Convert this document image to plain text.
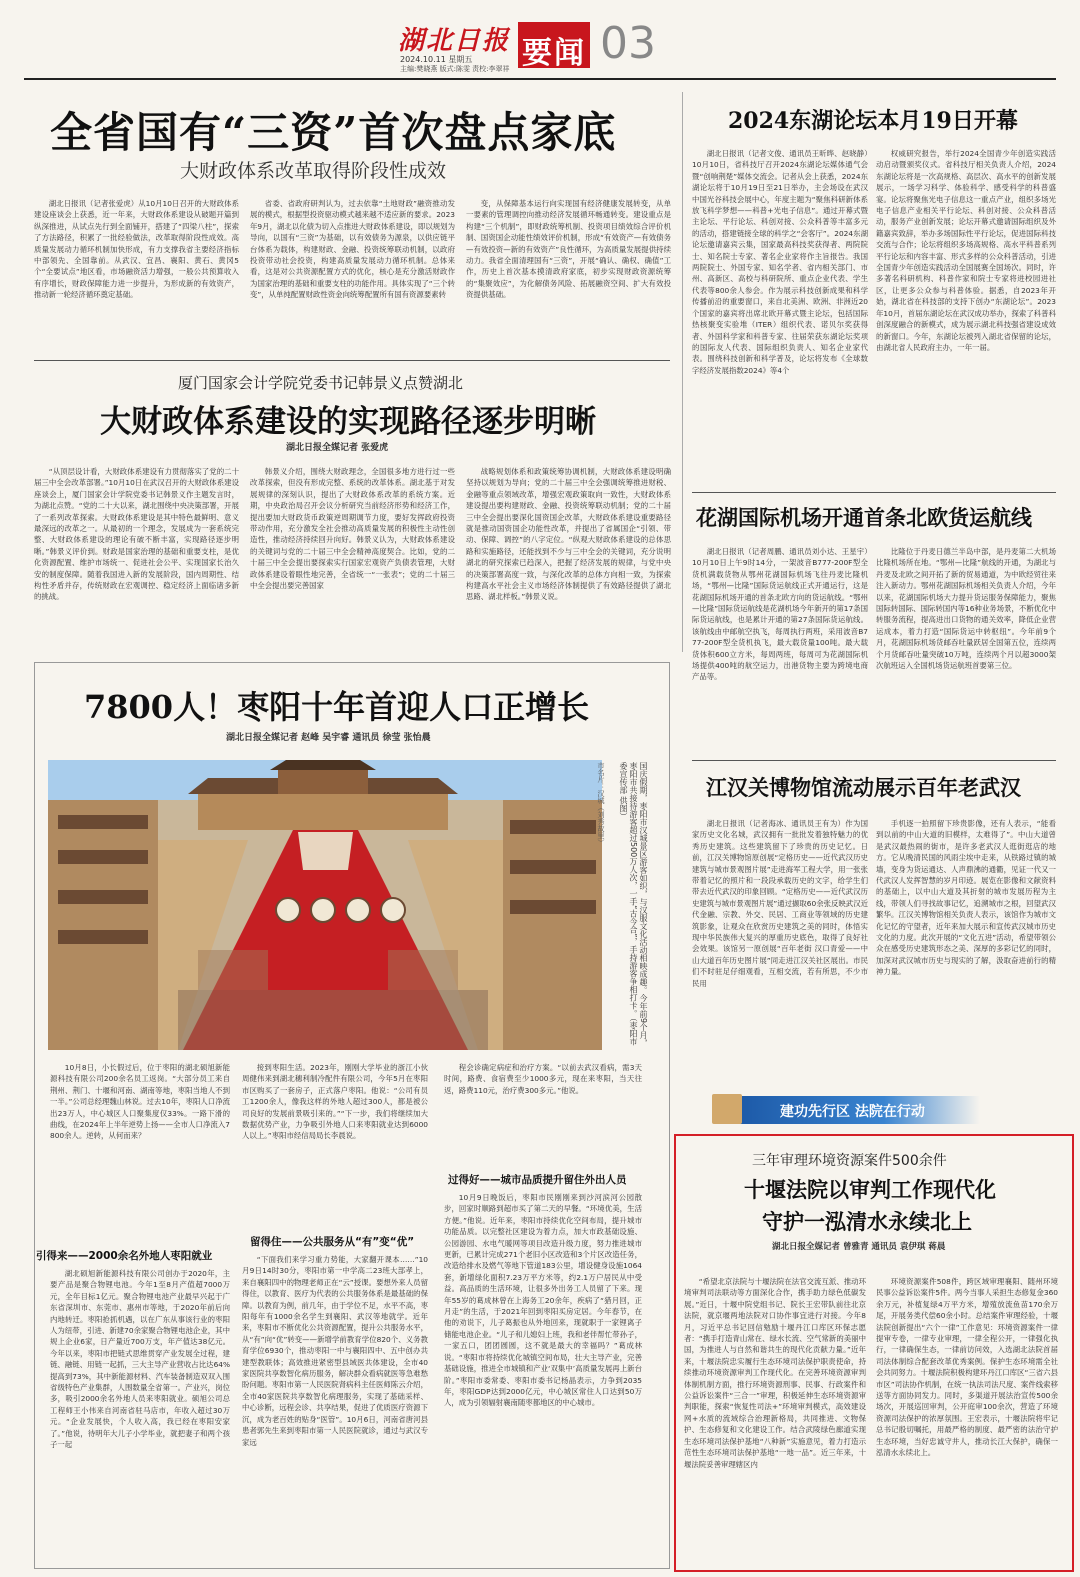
湖北日报
2024.10.11 星期五
主编:樊晓燕 版式:陈雯 责校:李翠祥 要闻 03
全省国有“三资”首次盘点家底
大财政体系改革取得阶段性成效
湖北日报讯（记者张爱虎）从10月10日召开的大财政体系建设座谈会上获悉，近一年来，大财政体系建设从破题开篇到纵深推进，从试点先行到全面铺开，搭建了“四梁八柱”，探索了方法路径，积累了一批经验做法，改革取得阶段性成效。高质量发展动力循环机制加快形成，有力支撑我省主要经济指标中部领先、全国靠前。从武汉、宜昌、襄阳、黄石、黄冈5个“全要试点”地区看，市场融资活力增强，一般公共预算收入有序增长，财政保障能力进一步提升，为形成新的有效资产，推动新一轮经济循环奠定基础。
省委、省政府研判认为，过去依靠“土地财政”融资推动发展的模式，根据型投资驱动模式越来越不适应新的要求。2023年9月，湖北以化债为切入点推进大财政体系建设，即以规划为导向，以国有“三资”为基础，以有效债务为源泉，以供应链平台体系为载体，构建财政、金融、投资统筹联动机制，以政府投资带动社会投资，构建高质量发展动力循环机制。总体来看，这是对公共资源配置方式的优化，核心是充分激活财政作为国家治理的基础和重要支柱的功能作用。具体实现了“三个转变”，从单纯配置财政性资金向统筹配置所有国有资源要素转
变，从保障基本运行向实现国有经济健康发展转变，从单一要素的管理调控向推动经济发展循环畅通转变。建设重点是构建“三个机制”，即财政统筹机制、投资项目绩效综合评价机制、国资国企动能性绩效评价机制，形成“有效资产—有效债务—有效投资—新的有效资产”良性循环，为高质量发展提供持续动力。我省全面清理国有“三资”，开展“确认、确权、确值”工作，历史上首次基本摸清政府家底，初步实现财政资源统筹的“集聚效应”，为化解债务风险、拓展融资空间、扩大有效投资提供基础。
厦门国家会计学院党委书记韩景义点赞湖北
大财政体系建设的实现路径逐步明晰
湖北日报全媒记者 张爱虎
“从顶层设计看，大财政体系建设有力贯彻落实了党的二十届三中全会改革部署。”10月10日在武汉召开的大财政体系建设座谈会上，厦门国家会计学院党委书记韩景义作主题发言时，为湖北点赞。“党的二十大以来，湖北围绕中央决策部署，开展了一系列改革探索。大财政体系建设是其中特色最鲜明、意义最深远的改革之一。从最初的一个理念，发展成为一套系统完整、大财政体系建设的理论有破不断丰富，实现路径逐步明晰。”韩景义评价到。财政是国家治理的基础和重要支柱，是优化资源配置、维护市场统一、促进社会公平、实现国家长治久安的制度保障。随着我国进入新的发展阶段，国内周期性、结构性矛盾并存，传统财政在宏观调控、稳定经济上面临诸多新的挑战。
韩景义介绍，围绕大财政理念，全国很多地方进行过一些改革探索，但没有形成完整、系统的改革体系。湖北基于对发展规律的深刻认识，提出了大财政体系改革的系统方案。近期，中央政治局召开会议分析研究当前经济形势和经济工作，提出要加大财政货币政策逆周期调节力度，要好发挥政府投资带动作用，充分激发全社会推动高质量发展的积极性主动性创造性，推动经济持续回升向好。韩景义认为，大财政体系建设的关键词与党的二十届三中全会精神高度契合。比如，党的二十届三中全会提出要探索实行国家宏观资产负债表管理，大财政体系建设着眼性地完善，全省统一“一张表”；党的二十届三中全会提出要完善国家
战略规划体系和政策统筹协调机制，大财政体系建设明确坚持以规划为导向；党的二十届三中全会强调统筹推进财税、金融等重点领域改革，增强宏观政策取向一致性，大财政体系建设提出要构建财政、金融、投资统筹联动机制；党的二十届三中全会提出要深化国资国企改革，大财政体系建设重要路径就是推动国资国企功能性改革，并提出了省属国企“引领、带动、保障、调控”的八字定位。“纵观大财政体系建设的总体思路和实施路径，还能找到不少与三中全会的关键词，充分说明湖北的研究探索已趋深入，把握了经济发展的规律，与党中央的决策部署高度一致，与深化改革的总体方向相一致，为探索构建高水平社会主义市场经济体制提供了有效路径提供了湖北思路、湖北样板。”韩景义说。
7800人！枣阳十年首迎人口正增长
湖北日报全媒记者 赵峰 吴宇睿 通讯员 徐莹 张怡晨
国庆假期，枣阳市汉城景区游客如织，与汉服文化活动相映成趣。今年前9个月，枣阳市共接待游客超过500万人次，一手“古今合”，手持游客争相打卡。（枣阳市委宣传部 供图）
市名片：汉城（刘秀故里）
10月8日，小长假过后，位于枣阳的湖北硕旭新能源科技有限公司200余名员工返岗。“大部分员工来自荆州、荆门、十堰和河南、湖南等地，枣阳当地人不到一半。”公司总经理魏山林说。过去10年，枣阳人口净流出23万人，中心城区人口聚集度仅33%。一路下滑的曲线，在2024年上半年逆势上扬——全市人口净流入7800余人。逆转，从何而来？
引得来——2000余名外地人枣阳就业
湖北硕旭新能源科技有限公司创办于2020年，主要产品是聚合物锂电池。今年1至8月产值超7000万元，全年目标1亿元。聚合物锂电池产业最早兴起于广东省深圳市、东莞市、惠州市等地，于2020年前后向内地转迁。枣阳抢抓机遇，以在广东从事该行业的枣阳人为纽带，引进、新建70余家聚合物锂电池企业，其中规上企业6家，日产量近700万支，年产值达38亿元。今年以来，枣阳市把链式思维贯穿产业发展全过程，建链、融链、用链一起抓，三大主导产业营收占比达64%提高到73%，其中新能源材料、汽车装备制造双双入围省级特色产业集群，人围数量全省第一。产业兴，岗位多，吸引2000余名外地人员来枣阳就业。硕旭公司总工程师王小伟来自河南省驻马店市，年收入超过30万元。“企业发展快，个人收入高，我已经在枣阳安家了。”他说，待明年大儿子小学毕业，就把妻子和两个孩子一起
接到枣阳生活。2023年，刚刚大学毕业的浙江小伙周健伟来到湖北穗利制冷配件有限公司，今年5月在枣阳市区购买了一套房子，正式落户枣阳。他说：“公司有员工1200余人，像我这样的外地人超过300人，都是被公司良好的发展前景吸引来的。”“下一步，我们将继续加大数据优势产业，力争吸引外地人口来枣阳就业达到6000人以上。”枣阳市经信局局长李晨说。
留得住——公共服务从“有”变“优”
“下面我们来学习重力势能，大家翻开课本……”10月9日14时30分，枣阳市第一中学高二23班大部孝上，来自襄阳四中的物理老师正在“云”授课。要想外来人员留得住，以教育、医疗为代表的公共服务体系是最基础的保障。以教育为例，前几年，由于学位不足，水平不高，枣阳每年有1000余名学生到襄阳、武汉等地就学。近年来，枣阳市不断优化公共资源配置，提升公共服务水平，从“有”向“优”转变——新增学前教育学位820个、义务教育学位6930个，推动枣阳一中与襄阳四中、五中创办共建型教联体；高效推进紧密型县域医共体建设，全市40家医院共享数智化病历服务，解决群众看病就医等急难愁盼问题。枣阳市第一人民医院肾病科主任医师陈云介绍，全市40家医院共享数智化病理服务，实现了基础采样、中心诊断，远程会诊、共享结果，促进了优质医疗资源下沉，成为老百姓的贴身“医管”。10月6日，河南省唐河县患者郭先生来到枣阳市第一人民医院就诊，通过与武汉专家远
程会诊确定病症和治疗方案。“以前去武汉看病，需3天时间，路费、食宿费至少1000多元，现在来枣阳，当天往返，路费110元，治疗费300多元。”他说。
过得好——城市品质提升留住外出人员
10月9日晚饭后，枣阳市民刚刚来到沙河滨河公园散步，回家时顺路到超市买了第二天的早餐。“环境优美，生活方便。”他说。近年来，枣阳市持续优化空间布局，提升城市功能品质。以完整社区建设为着力点，加大市政基础设施、公园游园、水电气暖网等项目改造升级力度，努力推进城市更新，已累计完成271个老旧小区改造和3个片区改造任务，改造给排水及燃气等地下管道183公里，增设健身设施1064套，新增绿化面积7.23万平方米等，约2.1万户居民从中受益。高品质的生活环境，让很多外出务工人员留了下来。现年55岁的葛成林曾在上海务工20余年，疾病了“猎月回，正月走”的生活，于2021年回到枣阳买房定居。今年春节，在他的劝说下，儿子葛振也从外地回来，现就职于一家锂离子储能电池企业。“儿子和儿媳妇上班，我和老伴帮忙带孙子，一家五口，团团圆圆，这不就是最大的幸福吗？”葛成林说。“枣阳市将持续优化城镇空间布局，壮大主导产业，完善基础设施，推进全市城镇和产业‘双集中’高质量发展再上新台阶。”枣阳市委常委、枣阳市委书记杨晶表示，力争到2035年，枣阳GDP达到2000亿元，中心城区常住人口达到50万人，成为引领辐射襄南随枣都地区的中心城市。
2024东湖论坛本月19日开幕
湖北日报讯（记者文俊、通讯员王昕晔、赵晓静）10月10日，省科技厅召开2024东湖论坛媒体通气会暨“创响荆楚”媒体交流会。记者从会上获悉，2024东湖论坛将于10月19日至21日举办，主会场设在武汉中国光谷科技会展中心，年度主题为“聚焦科研新体系 放飞科学梦想——科普+光电子信息”。通过开幕式暨主论坛、平行论坛、科创对接、公众科普等丰富多元的活动，搭建链接全球的科学之“会客厅”。2024东湖论坛邀请嘉宾云集，国家最高科技奖获得者、两院院士、知名院士专家、著名企业家将作主旨报告。我国两院院士、外国专家、知名学者、省内相关部门、市州、高新区、高校与科研院所、重点企业代表、学生代表等800余人参会。作为展示科技创新成果和科学传播前沿的重要窗口，来自北美洲、欧洲、非洲近20个国家的嘉宾将出席北欧开幕式暨主论坛，包括国际热核聚变实验堆（ITER）组织代表、诺贝尔奖获得者、外国科学家和科普专家、往届荣获东湖论坛奖项的国际友人代表、国际组织负责人、知名企业家代表。围绕科技创新和科学普及，论坛将发布《全球数字经济发展指数2024》等4个
权威研究报告，举行2024全国青少年创造实践活动启动暨颁奖仪式。省科技厅相关负责人介绍，2024东湖论坛将是一次高规格、高层次、高水平的创新发展展示，一场学习科学、体验科学、感受科学的科普盛宴。论坛将聚焦光电子信息这一重点产业，组织多场光电子信息产业相关平行论坛、科创对接、公众科普活动，服务产业创新发展；论坛开幕式邀请国际组织及外籍嘉宾致辞，举办多场国际性平行论坛，促进国际科技交流与合作；论坛将组织多场高规格、高水平科普系列平行论坛和内容丰富、形式多样的公众科普活动，引进全国青少年创造实践活动全国展赛全国场次。同时，许多著名科研机构、科普作家和院士专家将进校园进社区，让更多公众参与科普体验。据悉，自2023年开始，湖北省在科技部的支持下创办“东湖论坛”。2023年10月，首届东湖论坛在武汉成功举办，探索了科普科创深度融合的新模式，成为展示湖北科技强省建设成效的新窗口。今年，东湖论坛被列入湖北省保留的论坛，由湖北省人民政府主办，一年一届。
花湖国际机场开通首条北欧货运航线
湖北日报讯（记者周鹏、通讯员刘小达、王星宇）10月10日上午9时14分，一架波音B777-200F型全货机满载货物从鄂州花湖国际机场飞往丹麦比隆机场，“鄂州—比隆”国际货运航线正式开通运行，这是花湖国际机场开通的首条北欧方向的货运航线。“鄂州—比隆”国际货运航线是花湖机场今年新开的第17条国际货运航线，也是累计开通的第27条国际货运航线。该航线由中邮航空执飞，每周执行两班，采用波音B777-200F型全货机执飞，最大载货量100吨。最大载货体积600立方米，每周两班，每周可为花湖国际机场提供400吨的航空运力，出港货物主要为跨境电商产品等。
比隆位于丹麦日德兰半岛中部，是丹麦第二大机场比隆机场所在地。“鄂州—比隆”航线的开通，为湖北与丹麦及北欧之间开拓了新的贸易通道，为中欧经贸往来注入新动力。鄂州花湖国际机场相关负责人介绍，今年以来，花湖国际机场大力提升货运服务保障能力，聚焦国际转国际、国际转国内等16种业务场景，不断优化中转服务流程，提高进出口货物的通关效率，降低企业营运成本，着力打造“国际货运中转枢纽”。今年前9个月，花湖国际机场货邮吞吐量跃居全国第五位，连续两个月货邮吞吐量突破10万吨，连续两个月以超3000架次航班运入全国机场货运航班首要第三位。
江汉关博物馆流动展示百年老武汉
湖北日报讯（记者海冰、通讯员王有为）作为国家历史文化名城，武汉拥有一批批发着独特魅力的优秀历史建筑。这些建筑留下了珍贵的历史记忆。日前，江汉关博物馆原创展“定格历史——近代武汉历史建筑与城市景观图片展”走进海军工程大学，用一张张带着记忆的照片和一段段承载历史的文字，给学生们带去近代武汉的印象回顾。“定格历史——近代武汉历史建筑与城市景观图片展”通过撷取60余张反映武汉近代金融、宗教、外交、民居、工商业等领域的历史建筑影象，让观众在欣赏历史建筑之美的同时，体悟实现中华民族伟大复兴的厚重历史底色，取得了良好社会效果。该馆另一原创展“百年老街 汉口青爱——中山大道百年历史图片展”同走进江汉关社区展出。市民们不时驻足仔细观看，互相交流，若有所思，不少市民用
手机逐一拍照留下珍贵影像，还有人表示，“能看到以前的中山大道的旧模样，太难得了”。中山大道曾是武汉最热闹的街市，是许多老武汉人逛街逛店的地方。它从晚清民国的风雨尘埃中走来，从铁路过镇的城墙，变身为货运通达、人声鼎沸的通衢，见证一代又一代武汉人发挥智慧的岁月印迹。展览在影像和文献资料的基础上，以中山大道及其折射的城市发展历程为主线，带领人们寻找故事记忆，追溯城市之根，回望武汉繁华。江汉关博物馆相关负责人表示，该馆作为城市文化记忆的守望者，近年来加大展示和宣传武汉城市历史文化的力度。此次开展的“文化五进”活动，希望带领公众在感受历史建筑形态之美、深厚的多彩记忆的同时，加深对武汉城市历史与现实的了解，汲取奋进前行的精神力量。
建功先行区 法院在行动
三年审理环境资源案件500余件
十堰法院以审判工作现代化
守护一泓清水永续北上
湖北日报全媒记者 曾雅青 通讯员 袁伊琪 蒋晨
“希望北京法院与十堰法院在法官交流互派、推动环境审判司法联动等方面深化合作，携手助力绿色低碳发展。”近日，十堰中院党组书记、院长王宏带队前往北京法院，就京堰两地法院对口协作事宜进行对接。今年8月，习近平总书记回信勉励十堰丹江口库区环保志愿者：“携手打造青山常在、绿水长流、空气常新的美丽中国，为推进人与自然和谐共生的现代化贡献力量。”近年来，十堰法院忠实履行生态环境司法保护职责使命，持续推动环境资源审判工作现代化。在完善环境资源审判体制机制方面，推行环境资源刑事、民事、行政案件和公益诉讼案件“三合一”审理，积极延伸生态环境资源审判职能，探索“恢复性司法+”环境审判模式，高效建设网+水质的流域综合治理新格局，共同推进、文物保护、生态修复和文化建设工作。结合武陵绿色廊道实现生态环境司法保护基地“八种新”实施意见，着力打造示范性生态环境司法保护基地“一地一品”。近三年来，十堰法院妥善审理辖区内
环境资源案件508件，跨区域审理襄阳、随州环境民事公益诉讼案件5件。两今当事人采担生态修复金360余万元，补植复绿4万平方米，增殖放流鱼苗170余万尾，开展务类代偿60余小时。总结案件审理经验，十堰法院创新提出“六个一律”工作意见：环境资源案件一律提审专卷，一律专业审理，一律全程公开，一律强化执行，一律确保生态，一律前访问效，入选湖北法院首届司法体制综合配套改革优秀案例。保护生态环境需全社会共同努力。十堰法院积极构建环丹江口库区“三省六县市区”司法协作机制，在统一执法司法尺度、案件线索移送等方面协同发力。同时，多渠道开展法治宣传500余场次，开展巡回审判，公开庭审100余次，营造了环境资源司法保护的浓厚氛围。王宏表示，十堰法院将牢记总书记殷切嘱托，用最严格的制度、最严密的法治守护生态环境，当好忠诚守井人，推动长江大保护，确保一泓清水永续北上。
